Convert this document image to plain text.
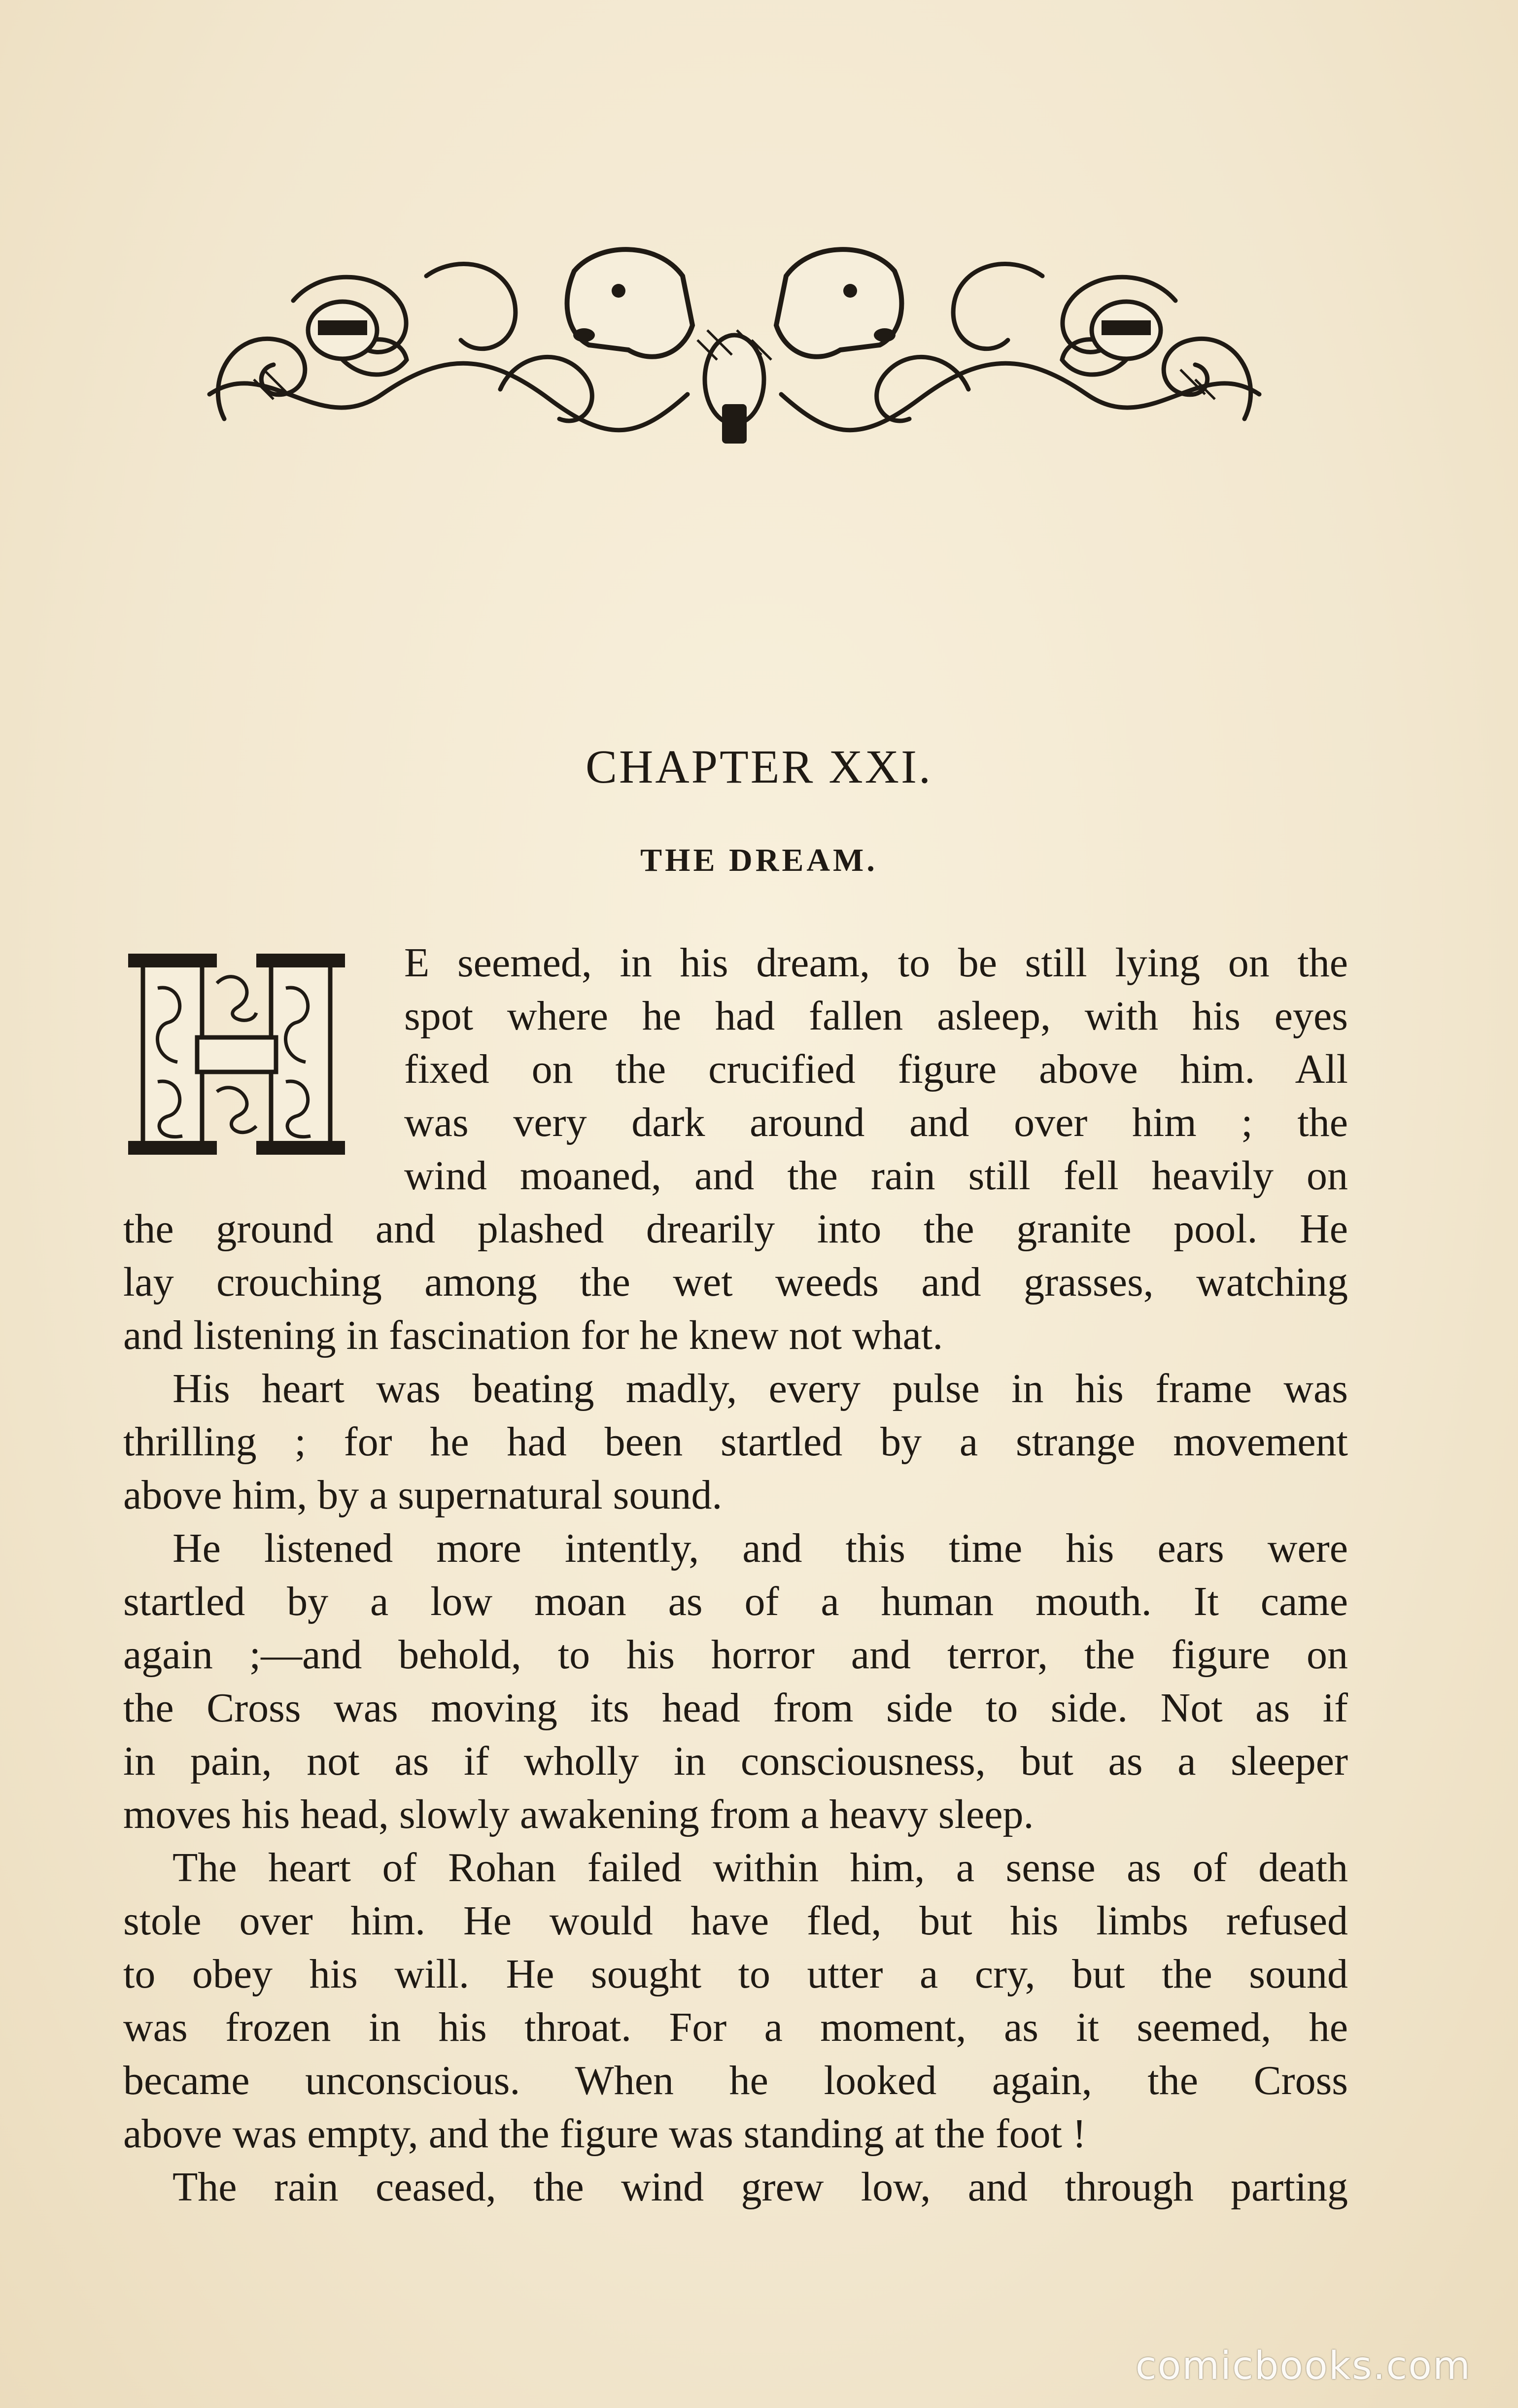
CHAPTER XXI.
THE DREAM.
E seemed, in his dream, to be still lying on the
spot where he had fallen asleep, with his eyes
fixed on the crucified figure above him. All
was very dark around and over him ; the
wind moaned, and the rain still fell heavily on
the ground and plashed drearily into the granite pool. He
lay crouching among the wet weeds and grasses, watching
and listening in fascination for he knew not what.
His heart was beating madly, every pulse in his frame was
thrilling ; for he had been startled by a strange movement
above him, by a supernatural sound.
He listened more intently, and this time his ears were
startled by a low moan as of a human mouth. It came
again ;—and behold, to his horror and terror, the figure on
the Cross was moving its head from side to side. Not as if
in pain, not as if wholly in consciousness, but as a sleeper
moves his head, slowly awakening from a heavy sleep.
The heart of Rohan failed within him, a sense as of death
stole over him. He would have fled, but his limbs refused
to obey his will. He sought to utter a cry, but the sound
was frozen in his throat. For a moment, as it seemed, he
became unconscious. When he looked again, the Cross
above was empty, and the figure was standing at the foot !
The rain ceased, the wind grew low, and through parting
comicbooks.com
